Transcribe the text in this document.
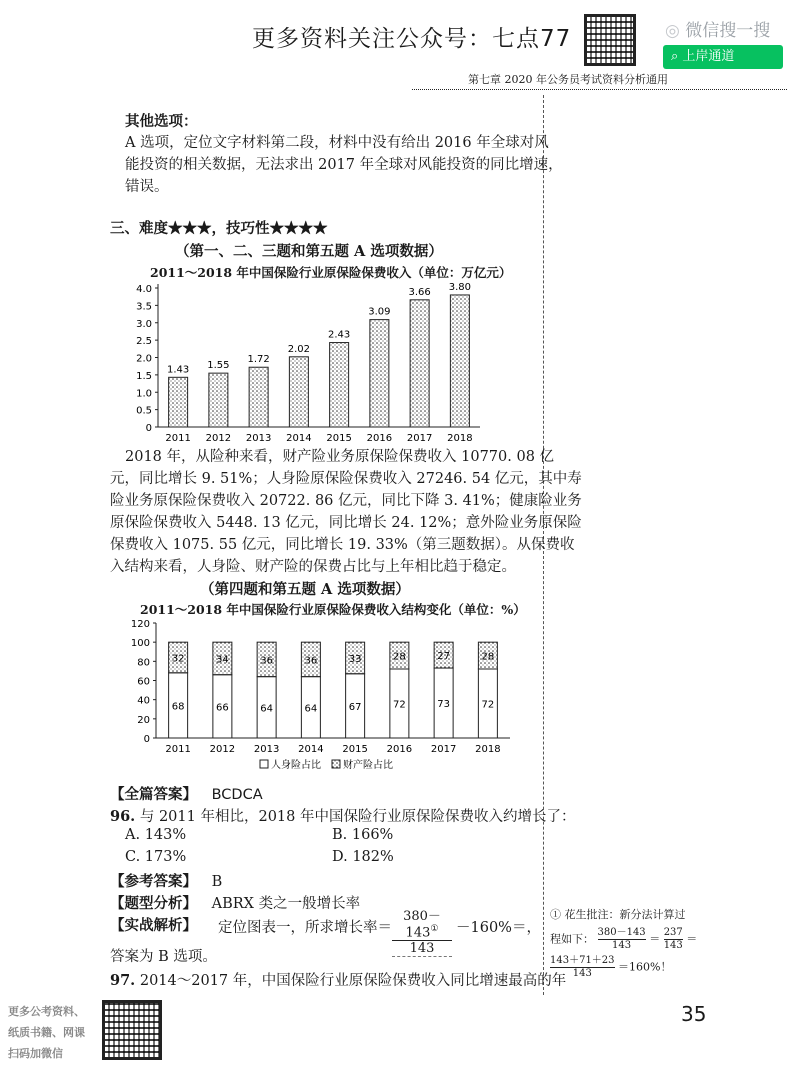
更多资料关注公众号：七点77	◎ 微信搜一搜
⌕ 上岸通道
第七章 2020 年公务员考试资料分析通用
其他选项：
A 选项，定位文字材料第二段，材料中没有给出 2016 年全球对风
能投资的相关数据，无法求出 2017 年全球对风能投资的同比增速，
错误。
三、难度★★★，技巧性★★★★
（第一、二、三题和第五题 A 选项数据）
2011～2018 年中国保险行业原保险保费收入（单位：万亿元）
0
0.5
1.0
1.5
2.0
2.5
3.0
3.5
4.0
1.43
2011
1.55
2012
1.72
2013
2.02
2014
2.43
2015
3.09
2016
3.66
2017
3.80
2018
2018 年，从险种来看，财产险业务原保险保费收入 10770. 08 亿
元，同比增长 9. 51%；人身险原保险保费收入 27246. 54 亿元，其中寿
险业务原保险保费收入 20722. 86 亿元，同比下降 3. 41%；健康险业务
原保险保费收入 5448. 13 亿元，同比增长 24. 12%；意外险业务原保险
保费收入 1075. 55 亿元，同比增长 19. 33%（第三题数据）。从保费收
入结构来看，人身险、财产险的保费占比与上年相比趋于稳定。
（第四题和第五题 A 选项数据）
2011～2018 年中国保险行业原保险保费收入结构变化（单位：%）
0
20
40
60
80
100
120
68
32
2011
66
34
2012
64
36
2013
64
36
2014
67
33
2015
72
28
2016
73
27
2017
72
28
2018
人身险占比 财产险占比
【全篇答案】 BCDCA
96. 与 2011 年相比，2018 年中国保险行业原保险保费收入约增长了：
A. 143%	B. 166%
C. 173%	D. 182%
【参考答案】 B
【题型分析】 ABRX 类之一般增长率
【实战解析】 定位图表一，所求增长率＝
380－143①
143
－160%＝，
答案为 B 选项。
97. 2014～2017 年，中国保险行业原保险保费收入同比增速最高的年
① 花生批注：新分法计算过
程如下： $\frac{380-143}{143} = \frac{237}{143}$ ＝
$\frac{143+71+23}{143} =160\%$！
更多公考资料、
纸质书籍、网课
扫码加微信
35
